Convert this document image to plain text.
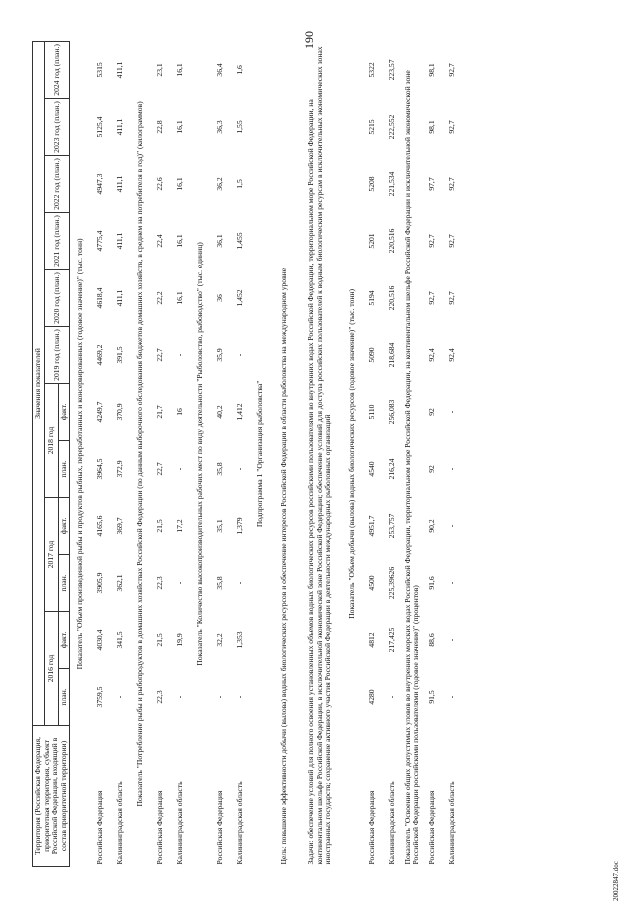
190
20022847.doc
Территория (Российская Федерация, приоритетная территория, субъект Российской Федерации, входящий в состав приоритетной территории)	Значения показателей											
	2016 год		2017 год		2018 год		2019 год (план.)	2020 год (план.)	2021 год (план.)	2022 год (план.)	2023 год (план.)	2024 год (план.)
	план.	факт.	план.	факт.	план.	факт.						
Показатель "Объем произведенной рыбы и продуктов рыбных, переработанных и консервированных (годовое значение)" (тыс. тонн)												
Российская Федерация	3759,5	4030,4	3905,9	4165,6	3964,5	4249,7	4469,2	4618,4	4775,4	4947,3	5125,4	5315
Калининградская область	-	341,5	362,1	369,7	372,9	370,9	391,5	411,1	411,1	411,1	411,1	411,1
Показатель "Потребление рыбы и рыбопродуктов в домашних хозяйствах Российской Федерации (по данным выборочного обследования бюджетов домашних хозяйств, в среднем на потребителя в год)" (килограммов)												
Российская Федерация	22,3	21,5	22,3	21,5	22,7	21,7	22,7	22,2	22,4	22,6	22,8	23,1
Калининградская область	-	19,9	-	17,2	-	16	-	16,1	16,1	16,1	16,1	16,1
Показатель "Количество высокопроизводительных рабочих мест по виду деятельности "Рыболовство, рыбоводство" (тыс. единиц)												
Российская Федерация	-	32,2	35,8	35,1	35,8	40,2	35,9	36	36,1	36,2	36,3	36,4
Калининградская область	-	1,353	-	1,379	-	1,412	-	1,452	1,455	1,5	1,55	1,6
Подпрограмма 1 "Организация рыболовства"												
Цель: повышение эффективности добычи (вылова) водных биологических ресурсов и обеспечение интересов Российской Федерации в области рыболовства на международном уровне												
Задачи: обеспечение условий для полного освоения установленных объемов водных биологических ресурсов российскими пользователями во внутренних водах Российской Федерации, территориальном море Российской Федерации, на континентальном шельфе Российской Федерации, в исключительной экономической зоне Российской Федерации; обеспечение условий для доступа российских пользователей к водным биологическим ресурсам в исключительных экономических зонах иностранных государств; сохранение активного участия Российской Федерации в деятельности международных рыболовных организаций												
Показатель "Объем добычи (вылова) водных биологических ресурсов (годовое значение)" (тыс. тонн)												
Российская Федерация	4280	4812	4500	4951,7	4540	5110	5090	5194	5201	5208	5215	5322
Калининградская область	-	217,425	225,39626	253,757	216,24	256,083	218,684	220,516	220,516	221,534	222,552	223,57
Показатель "Освоение общих допустимых уловов во внутренних морских водах Российской Федерации, территориальном море Российской Федерации, на континентальном шельфе Российской Федерации и исключительной экономической зоне Российской Федерации российскими пользователями (годовое значение)" (процентов)												
Российская Федерация	91,5	88,6	91,6	90,2	92	92	92,4	92,7	92,7	97,7	98,1	98,1
Калининградская область	-	-	-	-	-	-	92,4	92,7	92,7	92,7	92,7	92,7
